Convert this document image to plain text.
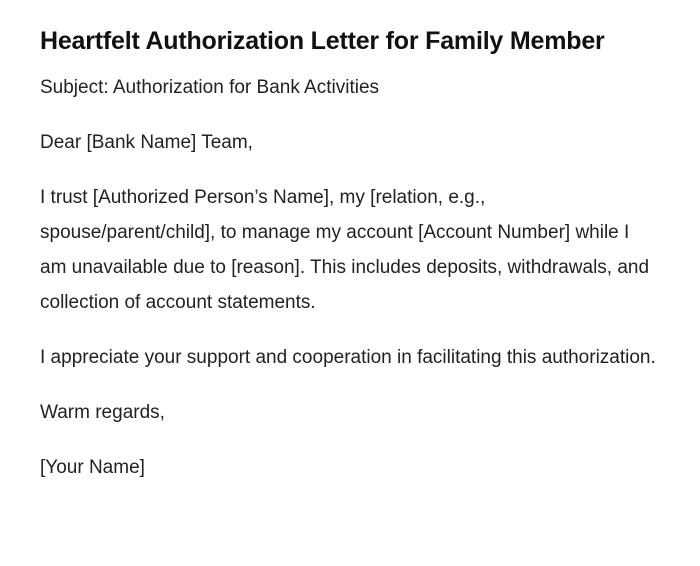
Heartfelt Authorization Letter for Family Member

Subject: Authorization for Bank Activities

Dear [Bank Name] Team,

I trust [Authorized Person’s Name], my [relation, e.g., spouse/parent/child], to manage my account [Account Number] while I am unavailable due to [reason]. This includes deposits, withdrawals, and collection of account statements.

I appreciate your support and cooperation in facilitating this authorization.

Warm regards,

[Your Name]
